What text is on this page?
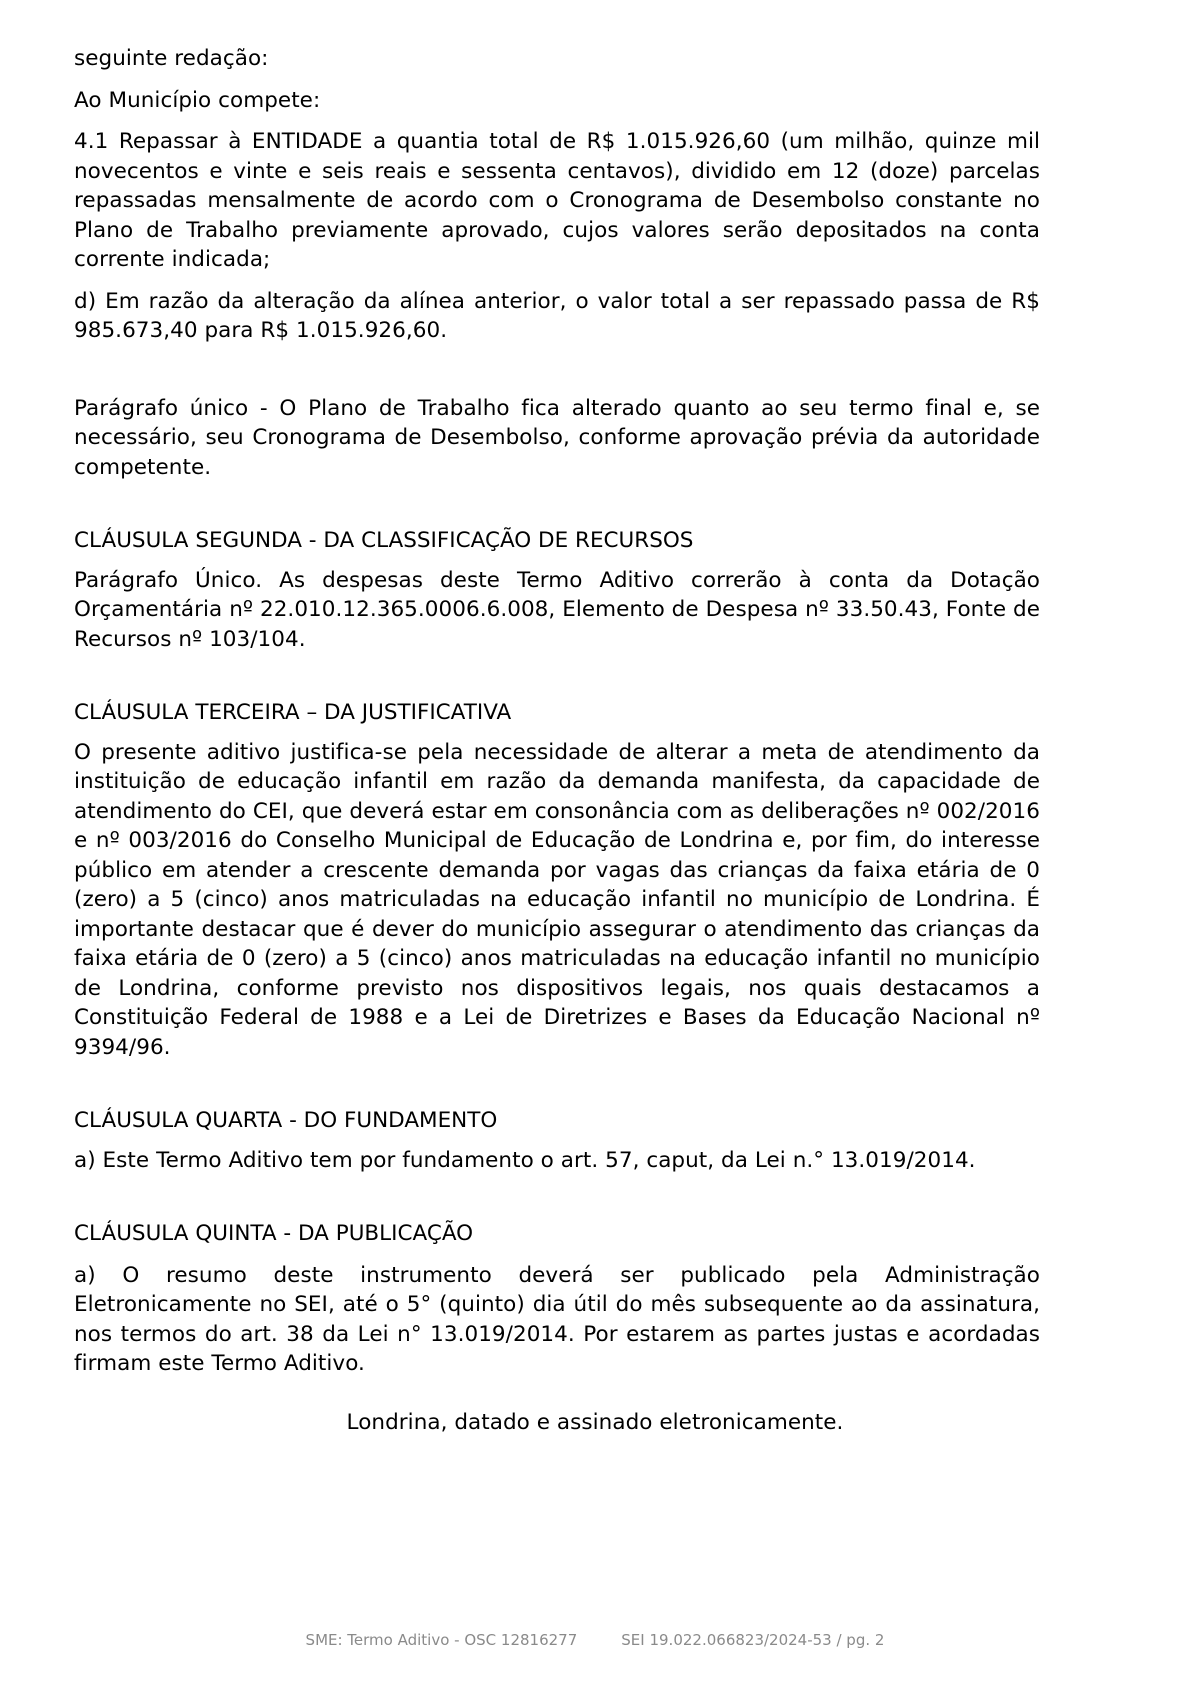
seguinte redação:

Ao Município compete:

4.1 Repassar à ENTIDADE a quantia total de R$ 1.015.926,60 (um milhão, quinze mil novecentos e vinte e seis reais e sessenta centavos), dividido em 12 (doze) parcelas repassadas mensalmente de acordo com o Cronograma de Desembolso constante no Plano de Trabalho previamente aprovado, cujos valores serão depositados na conta corrente indicada;

d) Em razão da alteração da alínea anterior, o valor total a ser repassado passa de R$ 985.673,40 para R$ 1.015.926,60.

Parágrafo único - O Plano de Trabalho fica alterado quanto ao seu termo final e, se necessário, seu Cronograma de Desembolso, conforme aprovação prévia da autoridade competente.

CLÁUSULA SEGUNDA - DA CLASSIFICAÇÃO DE RECURSOS

Parágrafo Único. As despesas deste Termo Aditivo correrão à conta da Dotação Orçamentária nº 22.010.12.365.0006.6.008, Elemento de Despesa nº 33.50.43, Fonte de Recursos nº 103/104.

CLÁUSULA TERCEIRA – DA JUSTIFICATIVA

O presente aditivo justifica-se pela necessidade de alterar a meta de atendimento da instituição de educação infantil em razão da demanda manifesta, da capacidade de atendimento do CEI, que deverá estar em consonância com as deliberações nº 002/2016 e nº 003/2016 do Conselho Municipal de Educação de Londrina e, por fim, do interesse público em atender a crescente demanda por vagas das crianças da faixa etária de 0 (zero) a 5 (cinco) anos matriculadas na educação infantil no município de Londrina. É importante destacar que é dever do município assegurar o atendimento das crianças da faixa etária de 0 (zero) a 5 (cinco) anos matriculadas na educação infantil no município de Londrina, conforme previsto nos dispositivos legais, nos quais destacamos a Constituição Federal de 1988 e a Lei de Diretrizes e Bases da Educação Nacional nº 9394/96.

CLÁUSULA QUARTA - DO FUNDAMENTO

a) Este Termo Aditivo tem por fundamento o art. 57, caput, da Lei n.° 13.019/2014.

CLÁUSULA QUINTA - DA PUBLICAÇÃO

a) O resumo deste instrumento deverá ser publicado pela Administração Eletronicamente no SEI, até o 5° (quinto) dia útil do mês subsequente ao da assinatura, nos termos do art. 38 da Lei n° 13.019/2014. Por estarem as partes justas e acordadas firmam este Termo Aditivo.

Londrina, datado e assinado eletronicamente.

SME: Termo Aditivo - OSC 12816277	SEI 19.022.066823/2024-53 / pg. 2
